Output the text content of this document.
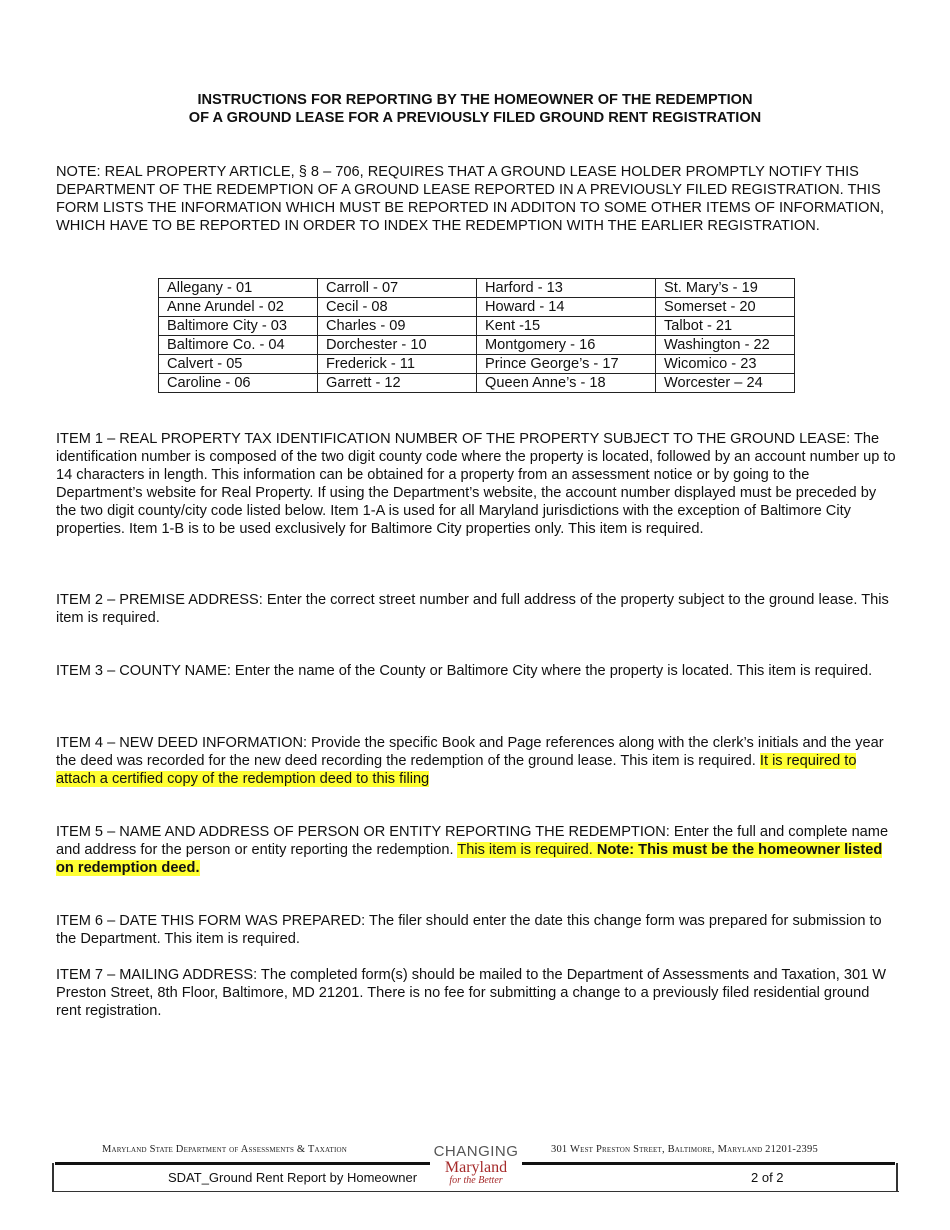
INSTRUCTIONS FOR REPORTING BY THE HOMEOWNER OF THE REDEMPTION
OF A GROUND LEASE FOR A PREVIOUSLY FILED GROUND RENT REGISTRATION
NOTE: REAL PROPERTY ARTICLE, § 8 – 706, REQUIRES THAT A GROUND LEASE HOLDER PROMPTLY NOTIFY THIS DEPARTMENT OF THE REDEMPTION OF A GROUND LEASE REPORTED IN A PREVIOUSLY FILED REGISTRATION. THIS FORM LISTS THE INFORMATION WHICH MUST BE REPORTED IN ADDITON TO SOME OTHER ITEMS OF INFORMATION, WHICH HAVE TO BE REPORTED IN ORDER TO INDEX THE REDEMPTION WITH THE EARLIER REGISTRATION.
Allegany - 01	Carroll - 07	Harford - 13	St. Mary’s - 19
Anne Arundel - 02	Cecil - 08	Howard - 14	Somerset - 20
Baltimore City - 03	Charles - 09	Kent -15	Talbot - 21
Baltimore Co. - 04	Dorchester - 10	Montgomery - 16	Washington - 22
Calvert - 05	Frederick - 11	Prince George’s - 17	Wicomico - 23
Caroline - 06	Garrett - 12	Queen Anne’s - 18	Worcester – 24
ITEM 1 – REAL PROPERTY TAX IDENTIFICATION NUMBER OF THE PROPERTY SUBJECT TO THE GROUND LEASE: The identification number is composed of the two digit county code where the property is located, followed by an account number up to 14 characters in length. This information can be obtained for a property from an assessment notice or by going to the Department’s website for Real Property. If using the Department’s website, the account number displayed must be preceded by the two digit county/city code listed below. Item 1-A is used for all Maryland jurisdictions with the exception of Baltimore City properties. Item 1-B is to be used exclusively for Baltimore City properties only. This item is required.
ITEM 2 – PREMISE ADDRESS: Enter the correct street number and full address of the property subject to the ground lease. This item is required.
ITEM 3 – COUNTY NAME: Enter the name of the County or Baltimore City where the property is located. This item is required.
ITEM 4 – NEW DEED INFORMATION: Provide the specific Book and Page references along with the clerk’s initials and the year the deed was recorded for the new deed recording the redemption of the ground lease. This item is required. It is required to attach a certified copy of the redemption deed to this filing
ITEM 5 – NAME AND ADDRESS OF PERSON OR ENTITY REPORTING THE REDEMPTION: Enter the full and complete name and address for the person or entity reporting the redemption. This item is required. Note: This must be the homeowner listed on redemption deed.
ITEM 6 – DATE THIS FORM WAS PREPARED: The filer should enter the date this change form was prepared for submission to the Department. This item is required.
ITEM 7 – MAILING ADDRESS: The completed form(s) should be mailed to the Department of Assessments and Taxation, 301 W Preston Street, 8th Floor, Baltimore, MD 21201. There is no fee for submitting a change to a previously filed residential ground rent registration.
Maryland State Department of Assessments & Taxation	301 West Preston Street, Baltimore, Maryland 21201-2395
CHANGING
Maryland
for the Better
SDAT_Ground Rent Report by Homeowner	2 of 2
